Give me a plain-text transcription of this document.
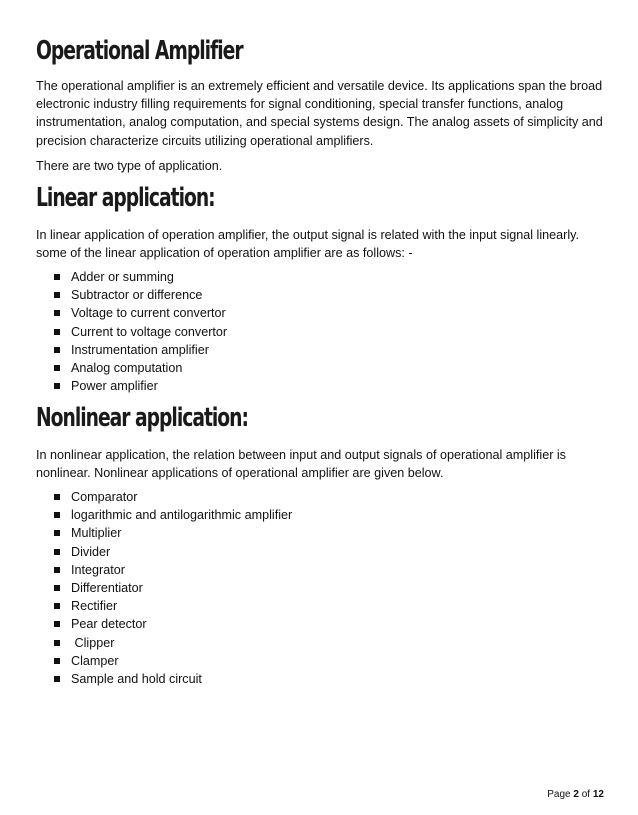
Operational Amplifier

The operational amplifier is an extremely efficient and versatile device. Its applications span the broad electronic industry filling requirements for signal conditioning, special transfer functions, analog instrumentation, analog computation, and special systems design. The analog assets of simplicity and precision characterize circuits utilizing operational amplifiers.

There are two type of application.

Linear application:

In linear application of operation amplifier, the output signal is related with the input signal linearly. some of the linear application of operation amplifier are as follows: -

Adder or summing
Subtractor or difference
Voltage to current convertor
Current to voltage convertor
Instrumentation amplifier
Analog computation
Power amplifier
Nonlinear application:

In nonlinear application, the relation between input and output signals of operational amplifier is nonlinear. Nonlinear applications of operational amplifier are given below.

Comparator
logarithmic and antilogarithmic amplifier
Multiplier
Divider
Integrator
Differentiator
Rectifier
Pear detector
Clipper
Clamper
Sample and hold circuit
Page 2 of 12
